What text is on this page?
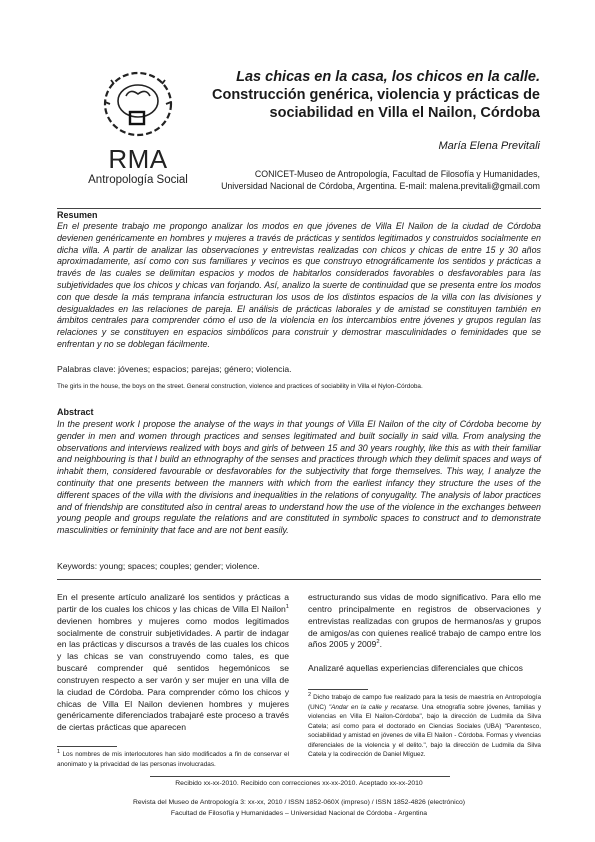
RMA
Antropología Social
Las chicas en la casa, los chicos en la calle.
Construcción genérica, violencia y prácticas de
sociabilidad en Villa el Nailon, Córdoba
María Elena Previtali
CONICET-Museo de Antropología, Facultad de Filosofía y Humanidades,
Universidad Nacional de Córdoba, Argentina. E-mail: malena.previtali@gmail.com
Resumen
En el presente trabajo me propongo analizar los modos en que jóvenes de Villa El Nailon de la ciudad de Córdoba devienen genéricamente en hombres y mujeres a través de prácticas y sentidos legitimados y construidos socialmente en dicha villa. A partir de analizar las observaciones y entrevistas realizadas con chicos y chicas de entre 15 y 30 años aproximadamente, así como con sus familiares y vecinos es que construyo etnográficamente los sentidos y prácticas a través de las cuales se delimitan espacios y modos de habitarlos considerados favorables o desfavorables para las subjetividades que los chicos y chicas van forjando. Así, analizo la suerte de continuidad que se presenta entre los modos con que desde la más temprana infancia estructuran los usos de los distintos espacios de la villa con las divisiones y desigualdades en las relaciones de pareja. El análisis de prácticas laborales y de amistad se constituyen también en ámbitos centrales para comprender cómo el uso de la violencia en los intercambios entre jóvenes y grupos regulan las relaciones y se constituyen en espacios simbólicos para construir y demostrar masculinidades o feminidades que se enfrentan y no se doblegan fácilmente.
Palabras clave: jóvenes; espacios; parejas; género; violencia.
The girls in the house, the boys on the street. General construction, violence and practices of sociability in Villa el Nylon-Córdoba.
Abstract
In the present work I propose the analyse of the ways in that youngs of Villa El Nailon of the city of Córdoba become by gender in men and women through practices and senses legitimated and built socially in said villa. From analysing the observations and interviews realized with boys and girls of between 15 and 30 years roughly, like this as with their familiar and neighbouring is that I build an ethnography of the senses and practices through which they delimit spaces and ways of inhabit them, considered favourable or desfavorables for the subjectivity that forge themselves. This way, I analyze the continuity that one presents between the manners with which from the earliest infancy they structure the uses of the different spaces of the villa with the divisions and inequalities in the relations of conyugality. The analysis of labor practices and of friendship are constituted also in central areas to understand how the use of the violence in the exchanges between young people and groups regulate the relations and are constituted in symbolic spaces to construct and to demonstrate masculinities or femininity that face and are not bent easily.
Keywords: young; spaces; couples; gender; violence.

En el presente artículo analizaré los sentidos y prácticas a partir de los cuales los chicos y las chicas de Villa El Nailon$^1$ devienen hombres y mujeres como modos legitimados socialmente de construir subjetividades. A partir de indagar en las prácticas y discursos a través de las cuales los chicos y las chicas se van construyendo como tales, es que buscaré comprender qué sentidos hegemónicos se construyen respecto a ser varón y ser mujer en una villa de la ciudad de Córdoba. Para comprender cómo los chicos y chicas de Villa El Nailon devienen hombres y mujeres genéricamente diferenciados trabajaré este proceso a través de ciertas prácticas que aparecen

$^1$ Los nombres de mis interlocutores han sido modificados a fin de conservar el anonimato y la privacidad de las personas involucradas.

estructurando sus vidas de modo significativo. Para ello me centro principalmente en registros de observaciones y entrevistas realizadas con grupos de hermanos/as y grupos de amigos/as con quienes realicé trabajo de campo entre los años 2005 y 2009$^2$.

Analizaré aquellas experiencias diferenciales que chicos

$^2$ Dicho trabajo de campo fue realizado para la tesis de maestría en Antropología (UNC) "Andar en la calle y recatarse. Una etnografía sobre jóvenes, familias y violencias en Villa El Nailon-Córdoba", bajo la dirección de Ludmila da Silva Catela; así como para el doctorado en Ciencias Sociales (UBA) "Parentesco, sociabilidad y amistad en jóvenes de villa El Nailon - Córdoba. Formas y vivencias diferenciales de la violencia y el delito.", bajo la dirección de Ludmila da Silva Catela y la codirección de Daniel Míguez.

Recibido xx-xx-2010. Recibido con correcciones xx-xx-2010. Aceptado xx-xx-2010
Revista del Museo de Antropología 3: xx-xx, 2010 / ISSN 1852-060X (impreso) / ISSN 1852-4826 (electrónico)
Facultad de Filosofía y Humanidades – Universidad Nacional de Córdoba - Argentina
